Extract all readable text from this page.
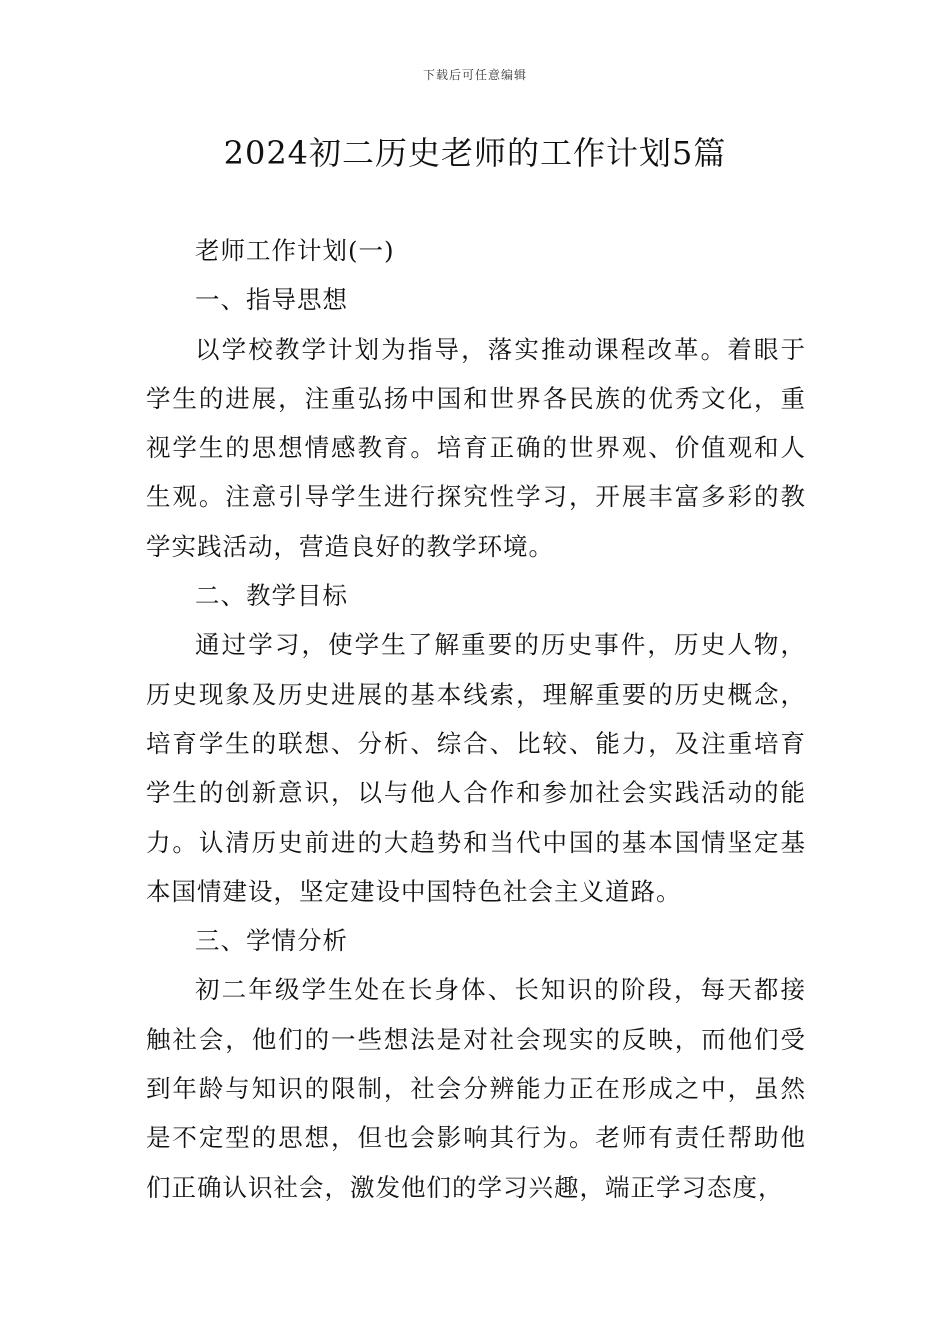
下载后可任意编辑
2024初二历史老师的工作计划5篇

老师工作计划(一)

一、指导思想

以学校教学计划为指导，落实推动课程改革。着眼于学生的进展，注重弘扬中国和世界各民族的优秀文化，重视学生的思想情感教育。培育正确的世界观、价值观和人生观。注意引导学生进行探究性学习，开展丰富多彩的教学实践活动，营造良好的教学环境。

二、教学目标

通过学习，使学生了解重要的历史事件，历史人物，历史现象及历史进展的基本线索，理解重要的历史概念，培育学生的联想、分析、综合、比较、能力，及注重培育学生的创新意识，以与他人合作和参加社会实践活动的能力。认清历史前进的大趋势和当代中国的基本国情坚定基本国情建设，坚定建设中国特色社会主义道路。

三、学情分析

初二年级学生处在长身体、长知识的阶段，每天都接触社会，他们的一些想法是对社会现实的反映，而他们受到年龄与知识的限制，社会分辨能力正在形成之中，虽然是不定型的思想，但也会影响其行为。老师有责任帮助他们正确认识社会，激发他们的学习兴趣，端正学习态度，
